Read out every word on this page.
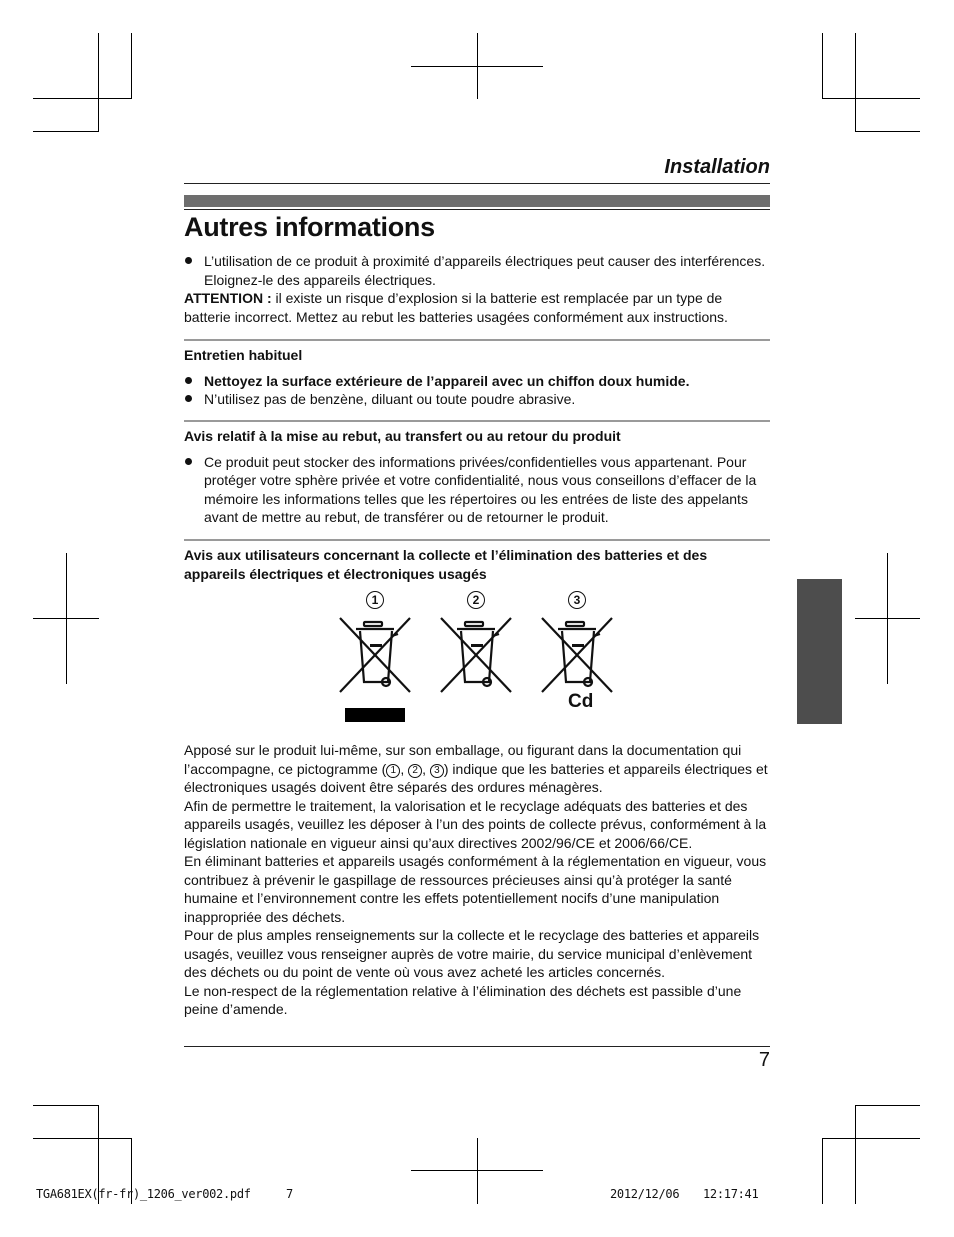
Installation
Autres informations
L’utilisation de ce produit à proximité d’appareils électriques peut causer des interférences. Eloignez-le des appareils électriques.
ATTENTION : il existe un risque d’explosion si la batterie est remplacée par un type de batterie incorrect. Mettez au rebut les batteries usagées conformément aux instructions.
Entretien habituel
Nettoyez la surface extérieure de l’appareil avec un chiffon doux humide.
N’utilisez pas de benzène, diluant ou toute poudre abrasive.
Avis relatif à la mise au rebut, au transfert ou au retour du produit
Ce produit peut stocker des informations privées/confidentielles vous appartenant. Pour protéger votre sphère privée et votre confidentialité, nous vous conseillons d’effacer de la mémoire les informations telles que les répertoires ou les entrées de liste des appelants avant de mettre au rebut, de transférer ou de retourner le produit.
Avis aux utilisateurs concernant la collecte et l’élimination des batteries et des appareils électriques et électroniques usagés
1	2	3
Cd
Apposé sur le produit lui-même, sur son emballage, ou figurant dans la documentation qui l’accompagne, ce pictogramme ( 1 , 2 , 3 ) indique que les batteries et appareils électriques et électroniques usagés doivent être séparés des ordures ménagères.
Afin de permettre le traitement, la valorisation et le recyclage adéquats des batteries et des appareils usagés, veuillez les déposer à l’un des points de collecte prévus, conformément à la législation nationale en vigueur ainsi qu’aux directives 2002/96/CE et 2006/66/CE.
En éliminant batteries et appareils usagés conformément à la réglementation en vigueur, vous contribuez à prévenir le gaspillage de ressources précieuses ainsi qu’à protéger la santé humaine et l’environnement contre les effets potentiellement nocifs d’une manipulation inappropriée des déchets.
Pour de plus amples renseignements sur la collecte et le recyclage des batteries et appareils usagés, veuillez vous renseigner auprès de votre mairie, du service municipal d’enlèvement des déchets ou du point de vente où vous avez acheté les articles concernés.
Le non-respect de la réglementation relative à l’élimination des déchets est passible d’une peine d’amende.
7
TGA681EX(fr-fr)_1206_ver002.pdf	7	2012/12/06 12:17:41
